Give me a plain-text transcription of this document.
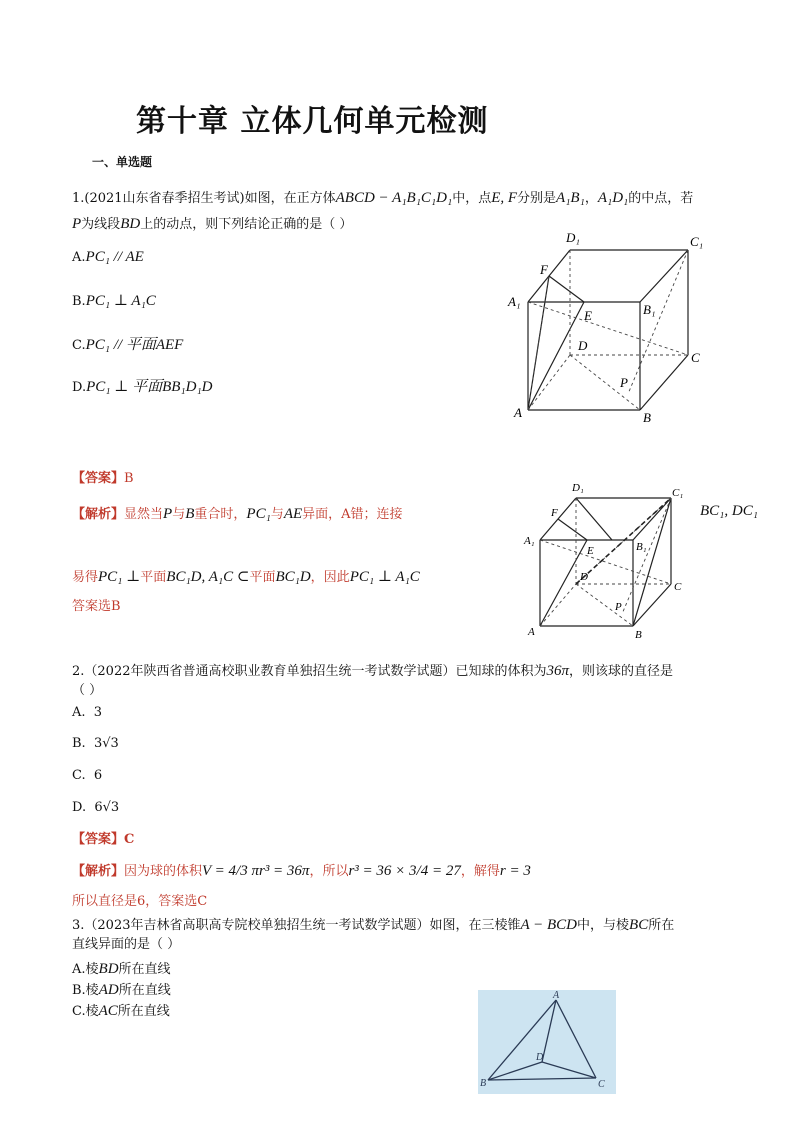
第十章 立体几何单元检测
一、单选题
1.(2021山东省春季招生考试)如图，在正方体ABCD − A₁B₁C₁D₁中，点E, F分别是A₁B₁，A₁D₁的中点，若
P为线段BD上的动点，则下列结论正确的是（ ）
A.PC₁ // AE
B.PC₁ ⊥ A₁C
C.PC₁ // 平面AEF
D.PC₁ ⊥ 平面BB₁D₁D
D₁	C₁
A₁
B₁
F
E
D
C
P
A	B
【答案】B
【解析】显然当P与B重合时，PC₁与AE异面，A错；连接	BC₁, DC₁
易得PC₁ ⊥平面BC₁D, A₁C ⊂平面BC₁D，因此PC₁ ⊥ A₁C
答案选B
D₁	C₁
A₁	B₁
F
E
D
C
P
A	B
2.（2022年陕西省普通高校职业教育单独招生统一考试数学试题）已知球的体积为36π，则该球的直径是
（ ）
A. 3
B. 3√3
C. 6
D. 6√3
【答案】C
【解析】因为球的体积V = 4/3 πr³ = 36π，所以r³ = 36 × 3/4 = 27，解得r = 3
所以直径是6，答案选C
3.（2023年吉林省高职高专院校单独招生统一考试数学试题）如图，在三棱锥A − BCD中，与棱BC所在
直线异面的是（ ）
A.棱BD所在直线
B.棱AD所在直线
C.棱AC所在直线
A
B	C
D
